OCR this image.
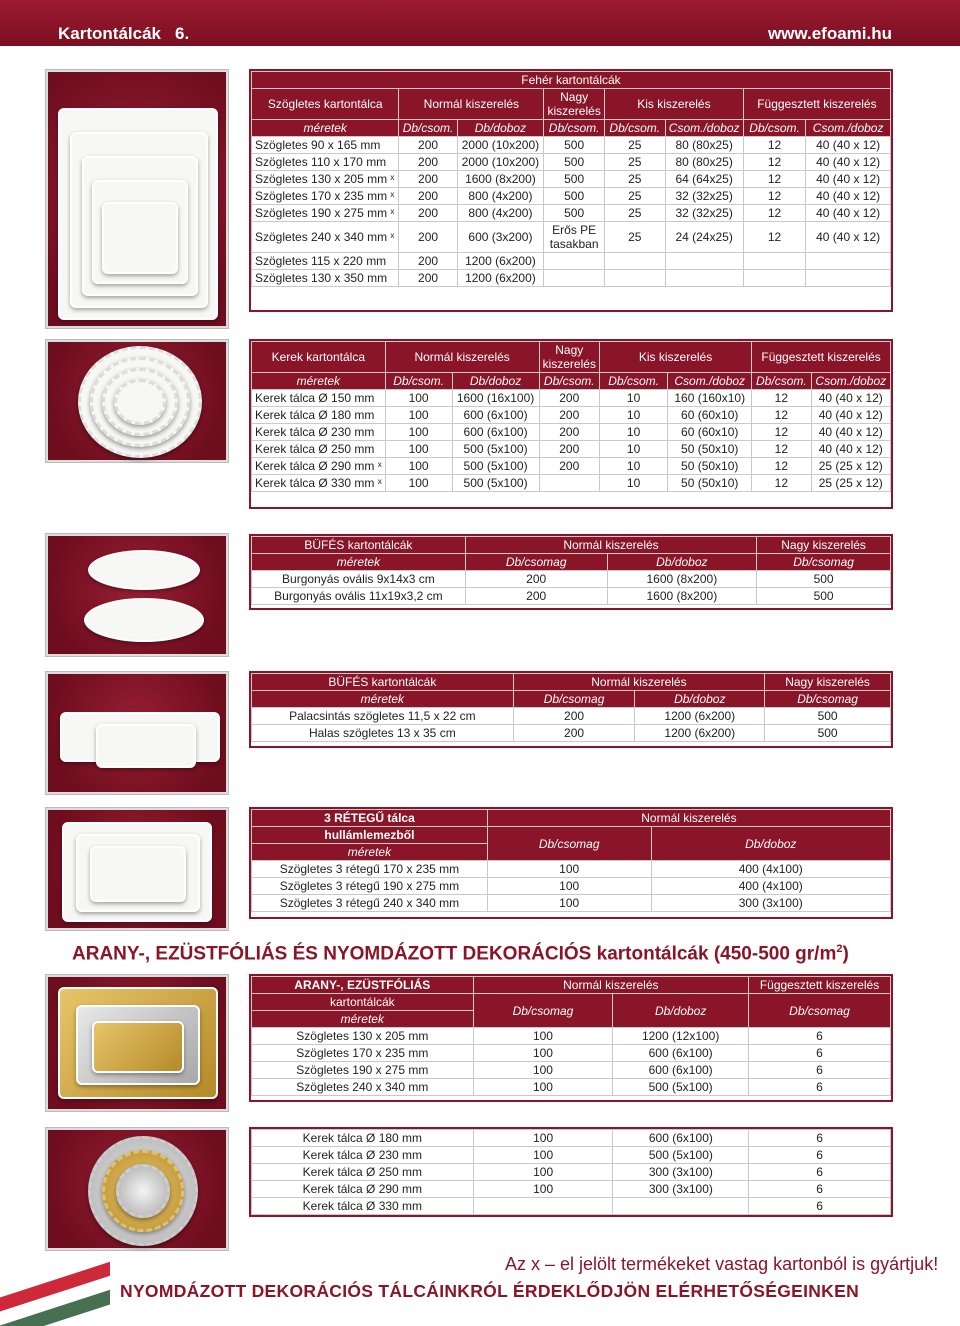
Kartontálcák 6.	www.efoami.hu
Fehér kartontálcák							
Szögletes kartontálca	Normál kiszerelés		Nagy kiszerelés	Kis kiszerelés		Függesztett kiszerelés	
méretek	Db/csom.	Db/doboz	Db/csom.	Db/csom.	Csom./doboz	Db/csom.	Csom./doboz
Szögletes 90 x 165 mm	200	2000 (10x200)	500	25	80 (80x25)	12	40 (40 x 12)
Szögletes 110 x 170 mm	200	2000 (10x200)	500	25	80 (80x25)	12	40 (40 x 12)
Szögletes 130 x 205 mm ˣ	200	1600 (8x200)	500	25	64 (64x25)	12	40 (40 x 12)
Szögletes 170 x 235 mm ˣ	200	800 (4x200)	500	25	32 (32x25)	12	40 (40 x 12)
Szögletes 190 x 275 mm ˣ	200	800 (4x200)	500	25	32 (32x25)	12	40 (40 x 12)
Szögletes 240 x 340 mm ˣ	200	600 (3x200)	Erős PE tasakban	25	24 (24x25)	12	40 (40 x 12)
Szögletes 115 x 220 mm	200	1200 (6x200)					
Szögletes 130 x 350 mm	200	1200 (6x200)					
Kerek kartontálca	Normál kiszerelés		Nagy kiszerelés	Kis kiszerelés		Függesztett kiszerelés	
méretek	Db/csom.	Db/doboz	Db/csom.	Db/csom.	Csom./doboz	Db/csom.	Csom./doboz
Kerek tálca Ø 150 mm	100	1600 (16x100)	200	10	160 (160x10)	12	40 (40 x 12)
Kerek tálca Ø 180 mm	100	600 (6x100)	200	10	60 (60x10)	12	40 (40 x 12)
Kerek tálca Ø 230 mm	100	600 (6x100)	200	10	60 (60x10)	12	40 (40 x 12)
Kerek tálca Ø 250 mm	100	500 (5x100)	200	10	50 (50x10)	12	40 (40 x 12)
Kerek tálca Ø 290 mm ˣ	100	500 (5x100)	200	10	50 (50x10)	12	25 (25 x 12)
Kerek tálca Ø 330 mm ˣ	100	500 (5x100)		10	50 (50x10)	12	25 (25 x 12)
BÜFÉS kartontálcák	Normál kiszerelés		Nagy kiszerelés
méretek	Db/csomag	Db/doboz	Db/csomag
Burgonyás ovális 9x14x3 cm	200	1600 (8x200)	500
Burgonyás ovális 11x19x3,2 cm	200	1600 (8x200)	500
BÜFÉS kartontálcák	Normál kiszerelés		Nagy kiszerelés
méretek	Db/csomag	Db/doboz	Db/csomag
Palacsintás szögletes 11,5 x 22 cm	200	1200 (6x200)	500
Halas szögletes 13 x 35 cm	200	1200 (6x200)	500
3 RÉTEGŰ tálca	Normál kiszerelés	
hullámlemezből	Db/csomag	Db/doboz
méretek		
Szögletes 3 rétegű 170 x 235 mm	100	400 (4x100)
Szögletes 3 rétegű 190 x 275 mm	100	400 (4x100)
Szögletes 3 rétegű 240 x 340 mm	100	300 (3x100)
ARANY-, EZÜSTFÓLIÁS ÉS NYOMDÁZOTT DEKORÁCIÓS kartontálcák (450-500 $gr/m^2$)
ARANY-, EZÜSTFÓLIÁS	Normál kiszerelés		Függesztett kiszerelés
kartontálcák	Db/csomag	Db/doboz	Db/csomag
méretek			
Szögletes 130 x 205 mm	100	1200 (12x100)	6
Szögletes 170 x 235 mm	100	600 (6x100)	6
Szögletes 190 x 275 mm	100	600 (6x100)	6
Szögletes 240 x 340 mm	100	500 (5x100)	6
Kerek tálca Ø 180 mm	100	600 (6x100)	6
Kerek tálca Ø 230 mm	100	500 (5x100)	6
Kerek tálca Ø 250 mm	100	300 (3x100)	6
Kerek tálca Ø 290 mm	100	300 (3x100)	6
Kerek tálca Ø 330 mm			6
Az x – el jelölt termékeket vastag kartonból is gyártjuk!
NYOMDÁZOTT DEKORÁCIÓS TÁLCÁINKRÓL ÉRDEKLŐDJÖN ELÉRHETŐSÉGEINKEN
